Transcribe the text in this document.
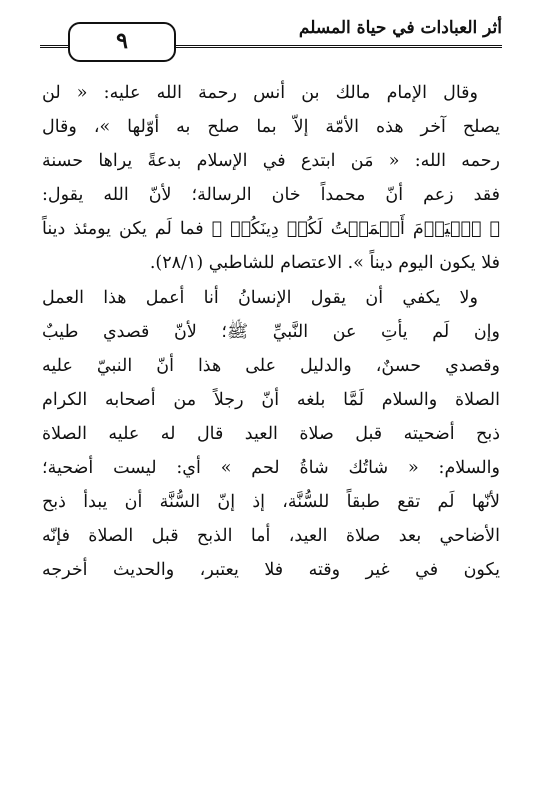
أثر العبادات في حياة المسلم
٩
وقال الإمام مالك بن أنس رحمة الله عليه: « لن
يصلح آخر هذه الأمّة إلاّ بما صلح به أوّلها »، وقال
رحمه الله: « مَن ابتدع في الإسلام بدعةً يراها حسنة
فقد زعم أنّ محمداً خان الرسالة؛ لأنّ الله يقول:
﴿ ٱلۡيَوۡمَ أَكۡمَلۡتُ لَكُمۡ دِينَكُمۡ ﴾ فما لَم يكن يومئذ ديناً
فلا يكون اليوم ديناً ». الاعتصام للشاطبي (٢٨/١).
ولا يكفي أن يقول الإنسانُ أنا أعمل هذا العمل
وإن لَم يأتِ عن النَّبيِّ ﷺ؛ لأنّ قصدي طيبٌ
وقصدي حسنٌ، والدليل على هذا أنّ النبيّ عليه
الصلاة والسلام لَمَّا بلغه أنّ رجلاً من أصحابه الكرام
ذبح أضحيته قبل صلاة العيد قال له عليه الصلاة
والسلام: « شاتُك شاةُ لحم » أي: ليست أضحية؛
لأنّها لَم تقع طبقاً للسُّنَّة، إذ إنّ السُّنَّة أن يبدأ ذبح
الأضاحي بعد صلاة العيد، أما الذبح قبل الصلاة فإنّه
يكون في غير وقته فلا يعتبر، والحديث أخرجه
